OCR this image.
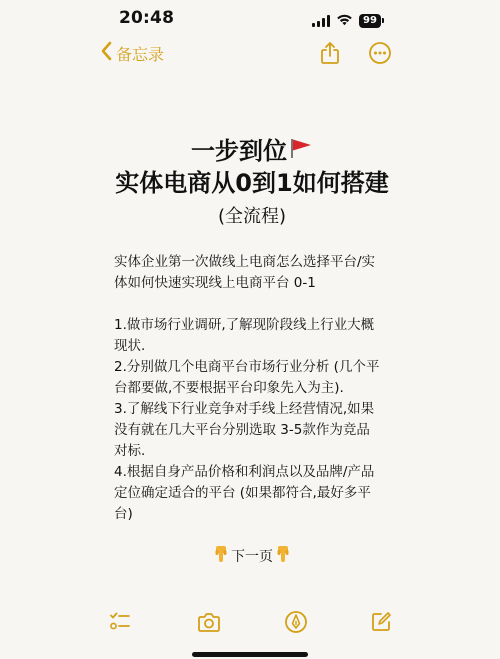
20:48	99
备忘录
一步到位
实体电商从0到1如何搭建
(全流程)
实体企业第一次做线上电商怎么选择平台/实
体如何快速实现线上电商平台 0-1
1.做市场行业调研,了解现阶段线上行业大概
现状.
2.分别做几个电商平台市场行业分析 (几个平
台都要做,不要根据平台印象先入为主).
3.了解线下行业竞争对手线上经营情况,如果
没有就在几大平台分别选取 3-5款作为竞品
对标.
4.根据自身产品价格和利润点以及品牌/产品
定位确定适合的平台 (如果都符合,最好多平
台)
下一页
